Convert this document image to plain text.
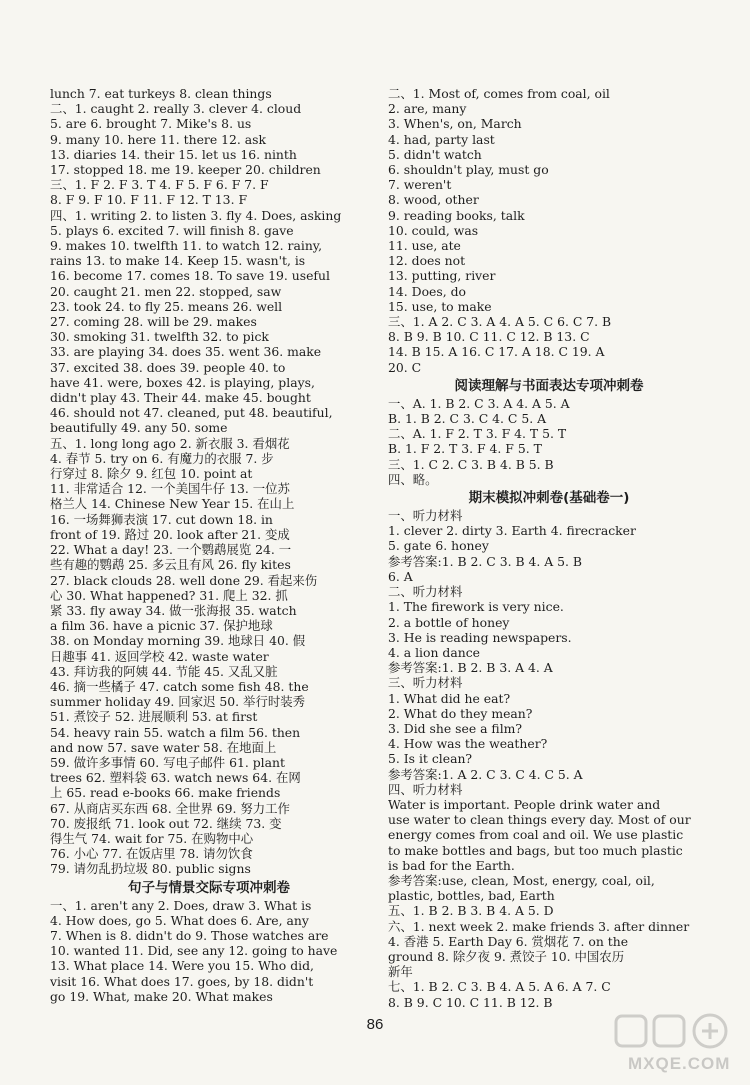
lunch 7. eat turkeys 8. clean things
二、1. caught 2. really 3. clever 4. cloud
5. are 6. brought 7. Mike's 8. us
9. many 10. here 11. there 12. ask
13. diaries 14. their 15. let us 16. ninth
17. stopped 18. me 19. keeper 20. children
三、1. F 2. F 3. T 4. F 5. F 6. F 7. F
8. F 9. F 10. F 11. F 12. T 13. F
四、1. writing 2. to listen 3. fly 4. Does, asking
5. plays 6. excited 7. will finish 8. gave
9. makes 10. twelfth 11. to watch 12. rainy,
rains 13. to make 14. Keep 15. wasn't, is
16. become 17. comes 18. To save 19. useful
20. caught 21. men 22. stopped, saw
23. took 24. to fly 25. means 26. well
27. coming 28. will be 29. makes
30. smoking 31. twelfth 32. to pick
33. are playing 34. does 35. went 36. make
37. excited 38. does 39. people 40. to
have 41. were, boxes 42. is playing, plays,
didn't play 43. Their 44. make 45. bought
46. should not 47. cleaned, put 48. beautiful,
beautifully 49. any 50. some
五、1. long long ago 2. 新衣服 3. 看烟花
4. 春节 5. try on 6. 有魔力的衣服 7. 步
行穿过 8. 除夕 9. 红包 10. point at
11. 非常适合 12. 一个美国牛仔 13. 一位苏
格兰人 14. Chinese New Year 15. 在山上
16. 一场舞狮表演 17. cut down 18. in
front of 19. 路过 20. look after 21. 变成
22. What a day! 23. 一个鹦鹉展览 24. 一
些有趣的鹦鹉 25. 多云且有风 26. fly kites
27. black clouds 28. well done 29. 看起来伤
心 30. What happened? 31. 爬上 32. 抓
紧 33. fly away 34. 做一张海报 35. watch
a film 36. have a picnic 37. 保护地球
38. on Monday morning 39. 地球日 40. 假
日趣事 41. 返回学校 42. waste water
43. 拜访我的阿姨 44. 节能 45. 又乱又脏
46. 摘一些橘子 47. catch some fish 48. the
summer holiday 49. 回家迟 50. 举行时装秀
51. 煮饺子 52. 进展顺利 53. at first
54. heavy rain 55. watch a film 56. then
and now 57. save water 58. 在地面上
59. 做许多事情 60. 写电子邮件 61. plant
trees 62. 塑料袋 63. watch news 64. 在网
上 65. read e-books 66. make friends
67. 从商店买东西 68. 全世界 69. 努力工作
70. 废报纸 71. look out 72. 继续 73. 变
得生气 74. wait for 75. 在购物中心
76. 小心 77. 在饭店里 78. 请勿饮食
79. 请勿乱扔垃圾 80. public signs
句子与情景交际专项冲刺卷
一、1. aren't any 2. Does, draw 3. What is
4. How does, go 5. What does 6. Are, any
7. When is 8. didn't do 9. Those watches are
10. wanted 11. Did, see any 12. going to have
13. What place 14. Were you 15. Who did,
visit 16. What does 17. goes, by 18. didn't
go 19. What, make 20. What makes
二、1. Most of, comes from coal, oil
2. are, many
3. When's, on, March
4. had, party last
5. didn't watch
6. shouldn't play, must go
7. weren't
8. wood, other
9. reading books, talk
10. could, was
11. use, ate
12. does not
13. putting, river
14. Does, do
15. use, to make
三、1. A 2. C 3. A 4. A 5. C 6. C 7. B
8. B 9. B 10. C 11. C 12. B 13. C
14. B 15. A 16. C 17. A 18. C 19. A
20. C
阅读理解与书面表达专项冲刺卷
一、A. 1. B 2. C 3. A 4. A 5. A
B. 1. B 2. C 3. C 4. C 5. A
二、A. 1. F 2. T 3. F 4. T 5. T
B. 1. F 2. T 3. F 4. F 5. T
三、1. C 2. C 3. B 4. B 5. B
四、略。
期末模拟冲刺卷(基础卷一)
一、听力材料
1. clever 2. dirty 3. Earth 4. firecracker
5. gate 6. honey
参考答案:1. B 2. C 3. B 4. A 5. B
6. A
二、听力材料
1. The firework is very nice.
2. a bottle of honey
3. He is reading newspapers.
4. a lion dance
参考答案:1. B 2. B 3. A 4. A
三、听力材料
1. What did he eat?
2. What do they mean?
3. Did she see a film?
4. How was the weather?
5. Is it clean?
参考答案:1. A 2. C 3. C 4. C 5. A
四、听力材料
Water is important. People drink water and
use water to clean things every day. Most of our
energy comes from coal and oil. We use plastic
to make bottles and bags, but too much plastic
is bad for the Earth.
参考答案:use, clean, Most, energy, coal, oil,
plastic, bottles, bad, Earth
五、1. B 2. B 3. B 4. A 5. D
六、1. next week 2. make friends 3. after dinner
4. 香港 5. Earth Day 6. 赏烟花 7. on the
ground 8. 除夕夜 9. 煮饺子 10. 中国农历
新年
七、1. B 2. C 3. B 4. A 5. A 6. A 7. C
8. B 9. C 10. C 11. B 12. B
86
MXQE.COM
